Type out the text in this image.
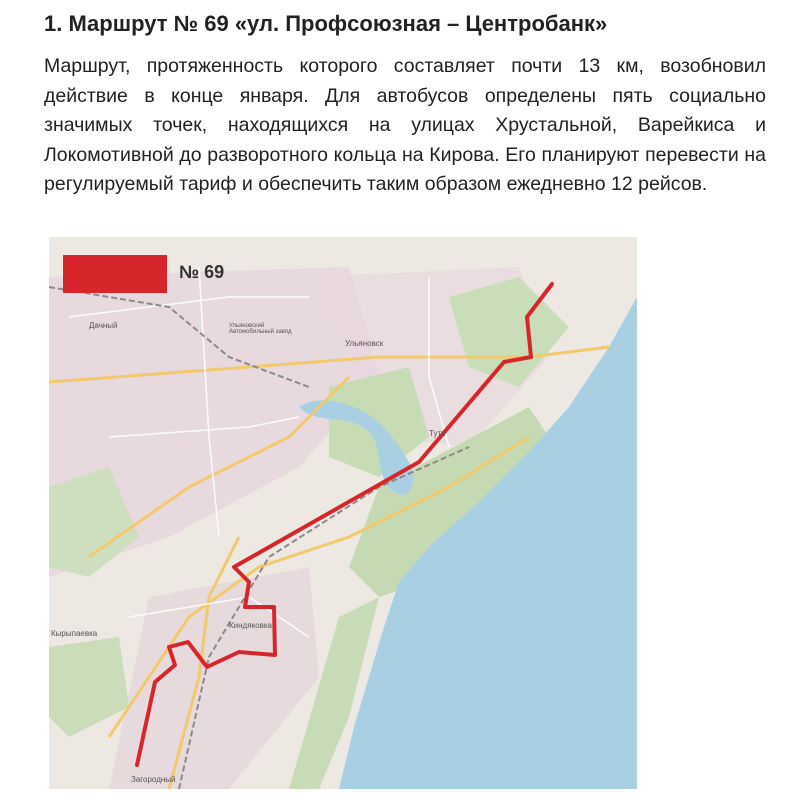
1. Маршрут № 69 «ул. Профсоюзная – Центробанк»
Маршрут, протяженность которого составляет почти 13 км, возобновил действие в конце января. Для автобусов определены пять социально значимых точек, находящихся на улицах Хрустальной, Варейкиса и Локомотивной до разворотного кольца на Кирова. Его планируют перевести на регулируемый тариф и обеспечить таким образом ежедневно 12 рейсов.
№ 69
Ульяновск
Тути
Дачный
Киндяковка
Кырыпаевка
Загородный
Ульяновский Автомобильный завод
